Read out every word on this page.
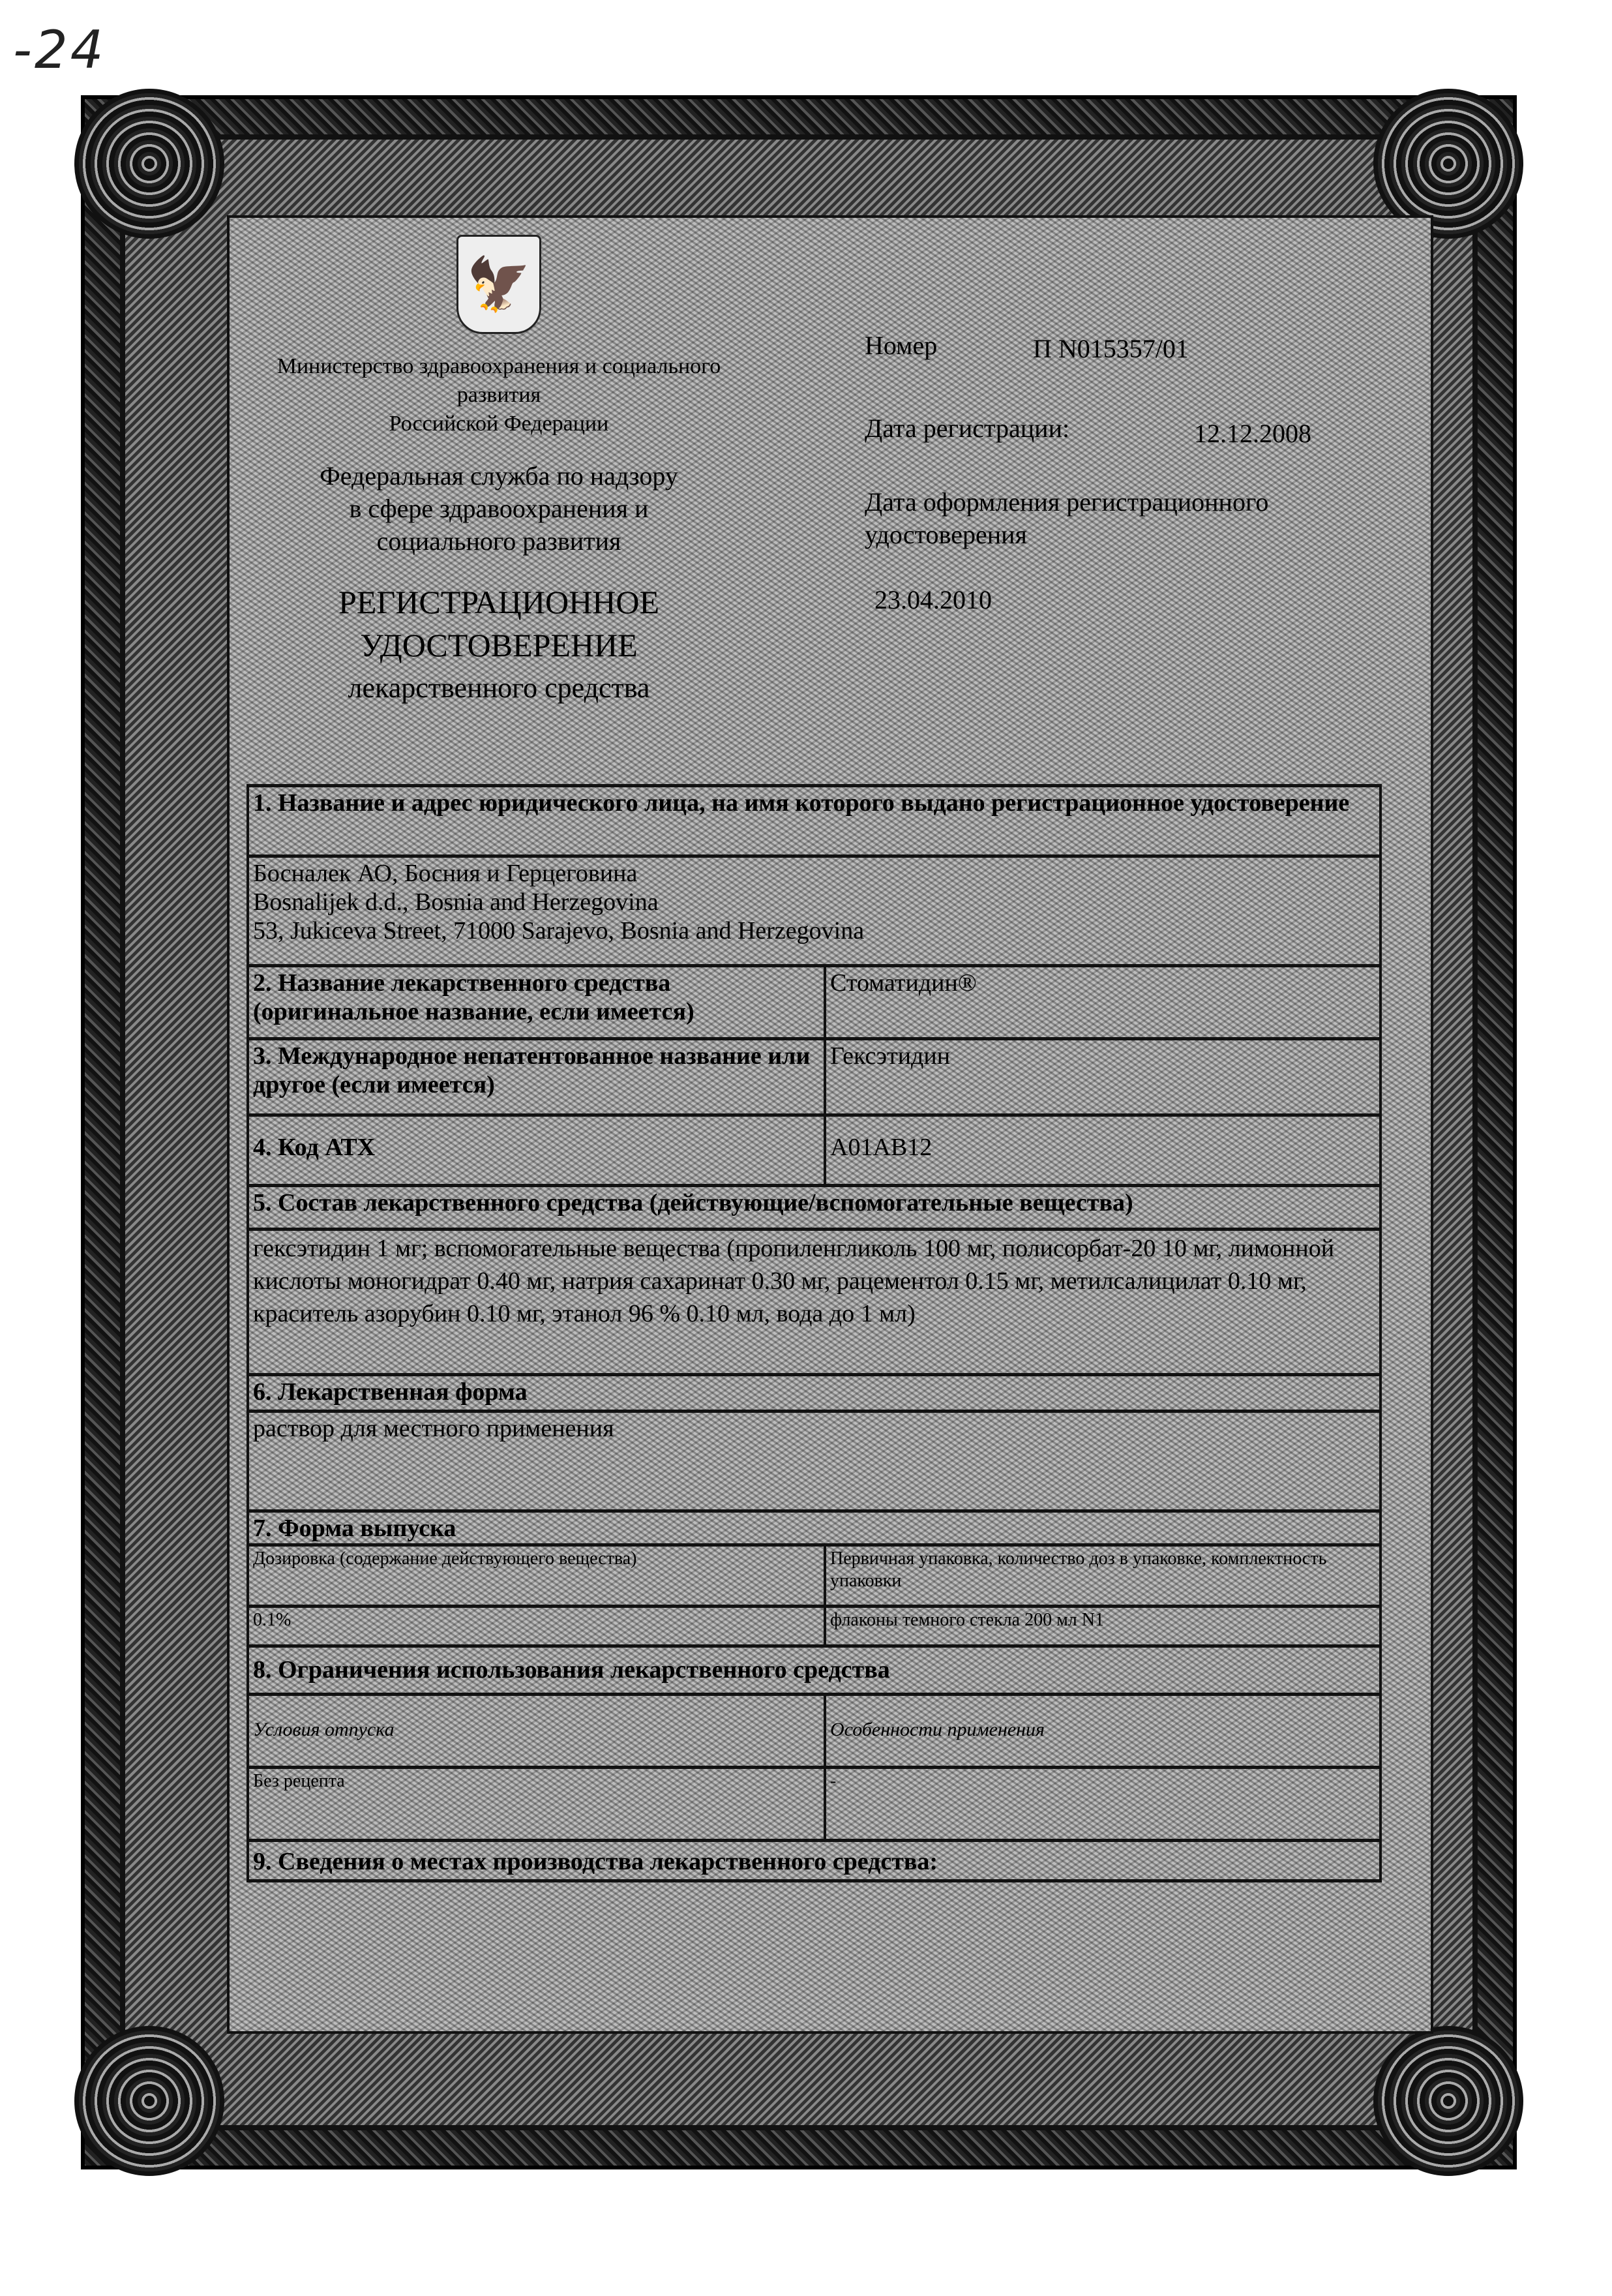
-24
🦅
Министерство здравоохранения и социального
развития
Российской Федерации
Федеральная служба по надзору
в сфере здравоохранения и
социального развития
РЕГИСТРАЦИОННОЕ
УДОСТОВЕРЕНИЕ
лекарственного средства
Номер	П N015357/01
Дата регистрации:	12.12.2008
Дата оформления регистрационного
удостоверения
23.04.2010
1. Название и адрес юридического лица, на имя которого выдано регистрационное удостоверение
Босналек АО, Босния и Герцеговина
Bosnalijek d.d., Bosnia and Herzegovina
53, Jukiceva Street, 71000 Sarajevo, Bosnia and Herzegovina
2. Название лекарственного средства (оригинальное название, если имеется)
Стоматидин®
3. Международное непатентованное название или другое (если имеется)
Гексэтидин
4. Код АТХ	A01AB12
5. Состав лекарственного средства (действующие/вспомогательные вещества)
гексэтидин 1 мг; вспомогательные вещества (пропиленгликоль 100 мг, полисорбат-20 10 мг, лимонной кислоты моногидрат 0.40 мг, натрия сахаринат 0.30 мг, рацементол 0.15 мг, метилсалицилат 0.10 мг, краситель азорубин 0.10 мг, этанол 96 % 0.10 мл, вода до 1 мл)
6. Лекарственная форма
раствор для местного применения
7. Форма выпуска
Дозировка (содержание действующего вещества)	Первичная упаковка, количество доз в упаковке, комплектность упаковки
0.1%	флаконы темного стекла 200 мл N1
8. Ограничения использования лекарственного средства
Условия отпуска	Особенности применения
Без рецепта	-
9. Сведения о местах производства лекарственного средства:
